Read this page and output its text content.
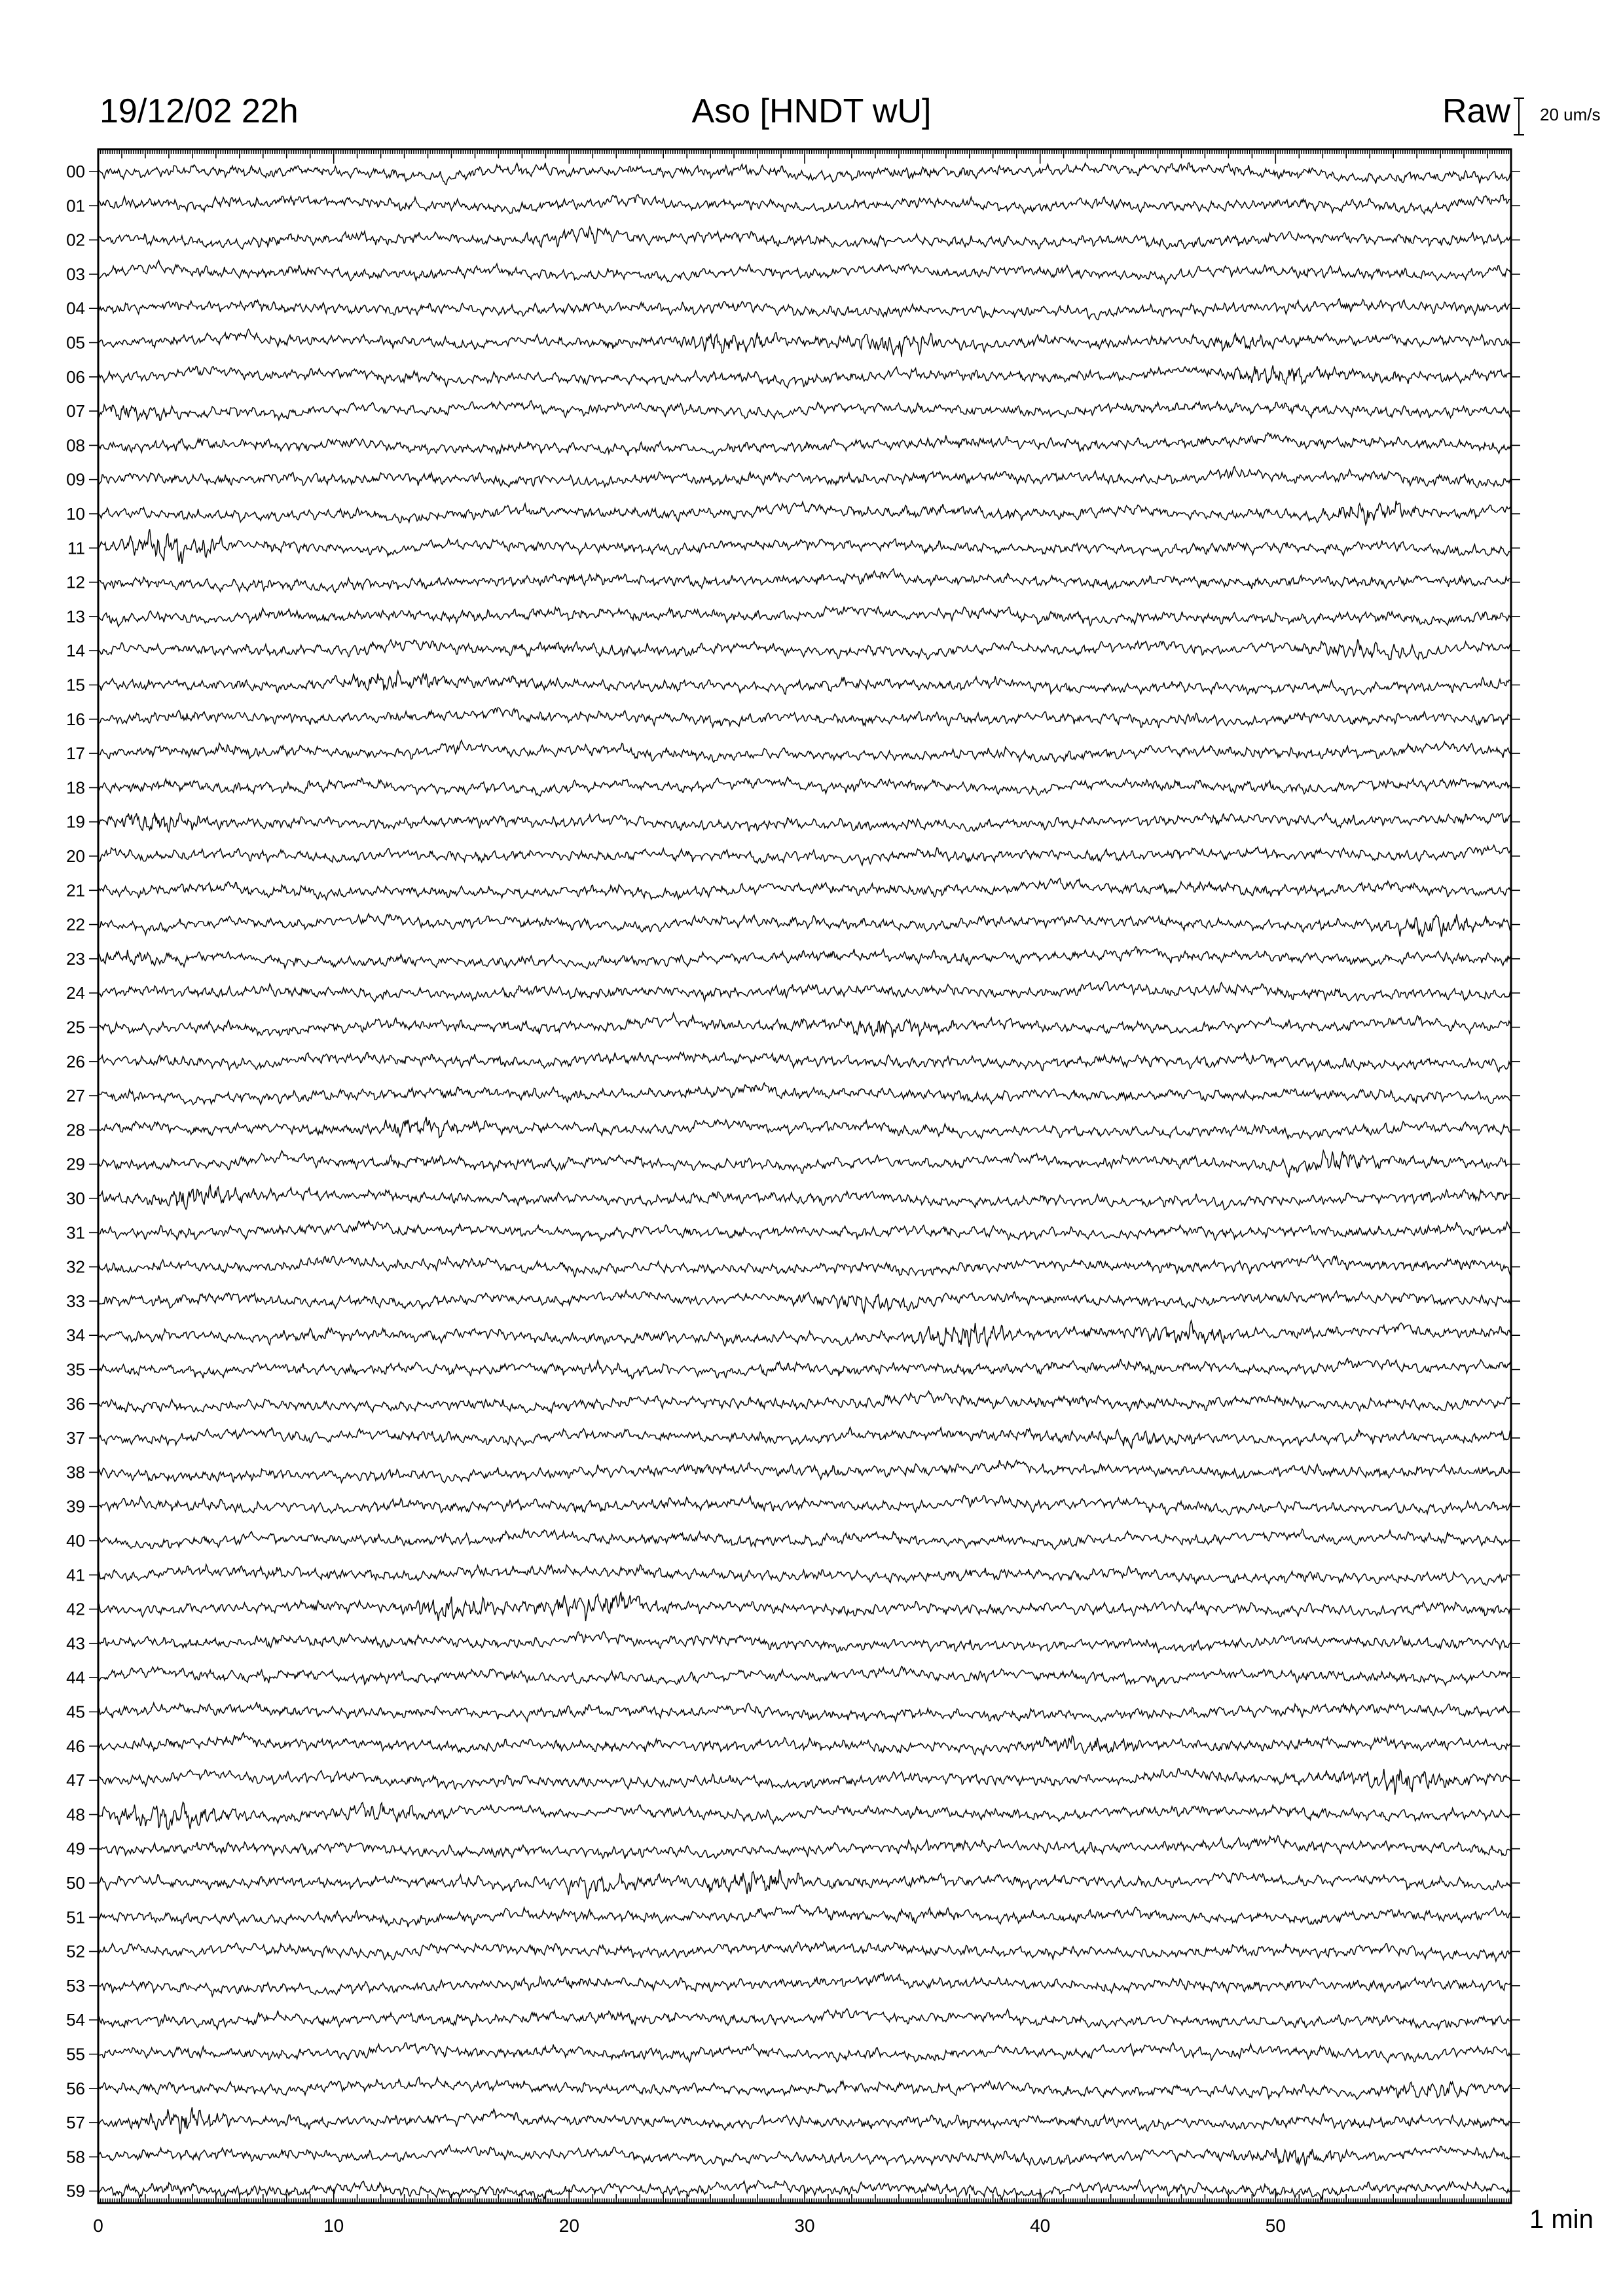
19/12/02 22h	Aso [HNDT wU]	Raw 20 um/s
00
01
02
03
04
05
06
07
08
09
10
11
12
13
14
15
16
17
18
19
20
21
22
23
24
25
26
27
28
29
30
31
32
33
34
35
36
37
38
39
40
41
42
43
44
45
46
47
48
49
50
51
52
53
54
55
56
57
58
59
0	10	20	30	40	50	1 min
